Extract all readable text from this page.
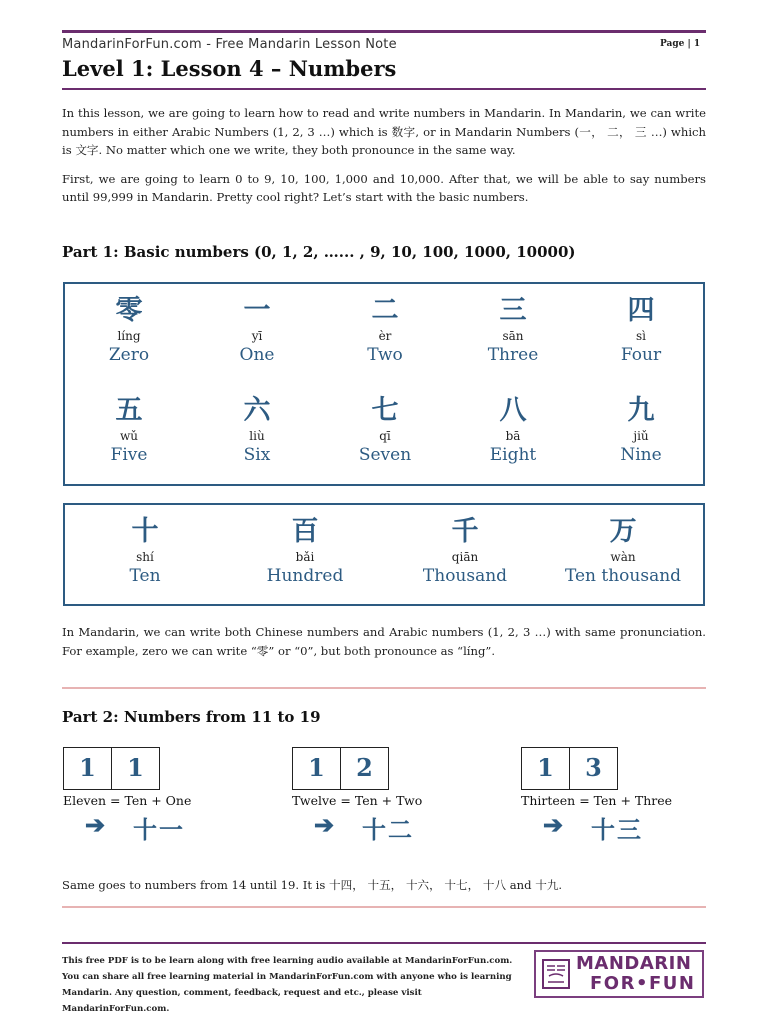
MandarinForFun.com - Free Mandarin Lesson Note	Page | 1
Level 1: Lesson 4 – Numbers

In this lesson, we are going to learn how to read and write numbers in Mandarin. In Mandarin, we can write numbers in either Arabic Numbers (1, 2, 3 …) which is 数字, or in Mandarin Numbers (一， 二， 三 …) which is 文字. No matter which one we write, they both pronounce in the same way.

First, we are going to learn 0 to 9, 10, 100, 1,000 and 10,000. After that, we will be able to say numbers until 99,999 in Mandarin. Pretty cool right? Let’s start with the basic numbers.

Part 1: Basic numbers (0, 1, 2, …... , 9, 10, 100, 1000, 10000)
零
líng
Zero
一
yī
One
二
èr
Two
三
sān
Three
四
sì
Four
五
wǔ
Five
六
liù
Six
七
qī
Seven
八
bā
Eight
九
jiǔ
Nine
十
shí
Ten
百
bǎi
Hundred
千
qiān
Thousand
万
wàn
Ten thousand
In Mandarin, we can write both Chinese numbers and Arabic numbers (1, 2, 3 …) with same pronunciation. For example, zero we can write “零” or “0”, but both pronounce as “líng”.
Part 2: Numbers from 11 to 19
1	1
Eleven = Ten + One
➔ 十一
1	2
Twelve = Ten + Two
➔ 十二
1	3
Thirteen = Ten + Three
➔ 十三
Same goes to numbers from 14 until 19. It is 十四， 十五， 十六， 十七， 十八 and 十九.
This free PDF is to be learn along with free learning audio available at MandarinForFun.com. You can share all free learning material in MandarinForFun.com with anyone who is learning Mandarin. Any question, comment, feedback, request and etc., please visit MandarinForFun.com.
MANDARIN
FOR•FUN
